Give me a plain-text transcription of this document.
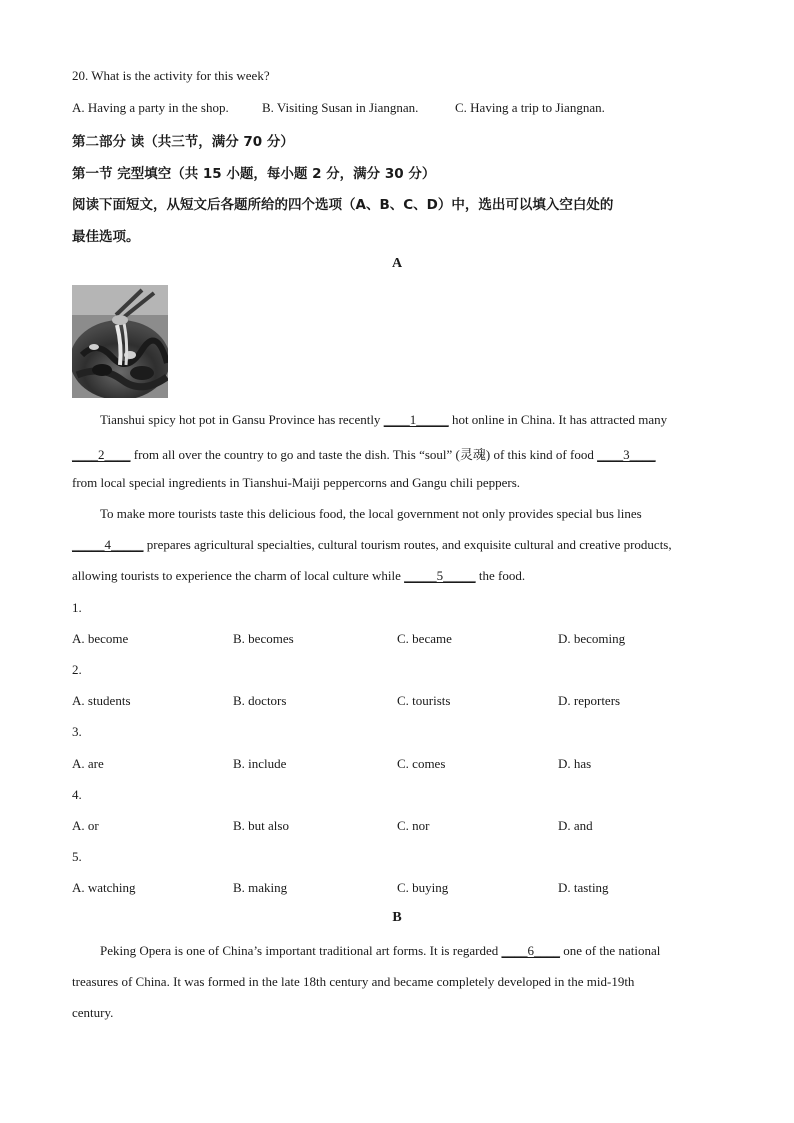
20. What is the activity for this week?
A. Having a party in the shop.	B. Visiting Susan in Jiangnan.	C. Having a trip to Jiangnan.
第二部分 读（共三节，满分 70 分）
第一节 完型填空（共 15 小题，每小题 2 分，满分 30 分）
阅读下面短文，从短文后各题所给的四个选项（A、B、C、D）中，选出可以填入空白处的
最佳选项。
A
Tianshui spicy hot pot in Gansu Province has recently ____1_____ hot online in China. It has attracted many
____2____ from all over the country to go and taste the dish. This “soul” (灵魂) of this kind of food ____3____
from local special ingredients in Tianshui-Maiji peppercorns and Gangu chili peppers.
To make more tourists taste this delicious food, the local government not only provides special bus lines
_____4_____ prepares agricultural specialties, cultural tourism routes, and exquisite cultural and creative products,
allowing tourists to experience the charm of local culture while _____5_____ the food.
1.
A. become	B. becomes	C. became	D. becoming
2.
A. students	B. doctors	C. tourists	D. reporters
3.
A. are	B. include	C. comes	D. has
4.
A. or	B. but also	C. nor	D. and
5.
A. watching	B. making	C. buying	D. tasting
B
Peking Opera is one of China’s important traditional art forms. It is regarded ____6____ one of the national
treasures of China. It was formed in the late 18th century and became completely developed in the mid-19th
century.
